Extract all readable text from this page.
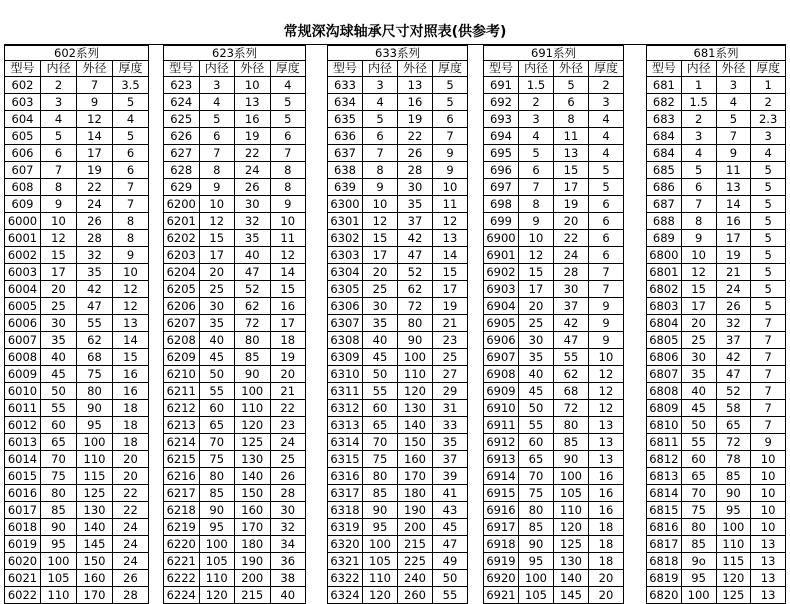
常规深沟球轴承尺寸对照表(供参考)
602系列			
型号	内径	外径	厚度
602	2	7	3.5
603	3	9	5
604	4	12	4
605	5	14	5
606	6	17	6
607	7	19	6
608	8	22	7
609	9	24	7
6000	10	26	8
6001	12	28	8
6002	15	32	9
6003	17	35	10
6004	20	42	12
6005	25	47	12
6006	30	55	13
6007	35	62	14
6008	40	68	15
6009	45	75	16
6010	50	80	16
6011	55	90	18
6012	60	95	18
6013	65	100	18
6014	70	110	20
6015	75	115	20
6016	80	125	22
6017	85	130	22
6018	90	140	24
6019	95	145	24
6020	100	150	24
6021	105	160	26
6022	110	170	28
623系列			
型号	内径	外径	厚度
623	3	10	4
624	4	13	5
625	5	16	5
626	6	19	6
627	7	22	7
628	8	24	8
629	9	26	8
6200	10	30	9
6201	12	32	10
6202	15	35	11
6203	17	40	12
6204	20	47	14
6205	25	52	15
6206	30	62	16
6207	35	72	17
6208	40	80	18
6209	45	85	19
6210	50	90	20
6211	55	100	21
6212	60	110	22
6213	65	120	23
6214	70	125	24
6215	75	130	25
6216	80	140	26
6217	85	150	28
6218	90	160	30
6219	95	170	32
6220	100	180	34
6221	105	190	36
6222	110	200	38
6224	120	215	40
633系列			
型号	内径	外径	厚度
633	3	13	5
634	4	16	5
635	5	19	6
636	6	22	7
637	7	26	9
638	8	28	9
639	9	30	10
6300	10	35	11
6301	12	37	12
6302	15	42	13
6303	17	47	14
6304	20	52	15
6305	25	62	17
6306	30	72	19
6307	35	80	21
6308	40	90	23
6309	45	100	25
6310	50	110	27
6311	55	120	29
6312	60	130	31
6313	65	140	33
6314	70	150	35
6315	75	160	37
6316	80	170	39
6317	85	180	41
6318	90	190	43
6319	95	200	45
6320	100	215	47
6321	105	225	49
6322	110	240	50
6324	120	260	55
691系列			
型号	内径	外径	厚度
691	1.5	5	2
692	2	6	3
693	3	8	4
694	4	11	4
695	5	13	4
696	6	15	5
697	7	17	5
698	8	19	6
699	9	20	6
6900	10	22	6
6901	12	24	6
6902	15	28	7
6903	17	30	7
6904	20	37	9
6905	25	42	9
6906	30	47	9
6907	35	55	10
6908	40	62	12
6909	45	68	12
6910	50	72	12
6911	55	80	13
6912	60	85	13
6913	65	90	13
6914	70	100	16
6915	75	105	16
6916	80	110	16
6917	85	120	18
6918	90	125	18
6919	95	130	18
6920	100	140	20
6921	105	145	20
681系列			
型号	内径	外径	厚度
681	1	3	1
682	1.5	4	2
683	2	5	2.3
684	3	7	3
684	4	9	4
685	5	11	5
686	6	13	5
687	7	14	5
688	8	16	5
689	9	17	5
6800	10	19	5
6801	12	21	5
6802	15	24	5
6803	17	26	5
6804	20	32	7
6805	25	37	7
6806	30	42	7
6807	35	47	7
6808	40	52	7
6809	45	58	7
6810	50	65	7
6811	55	72	9
6812	60	78	10
6813	65	85	10
6814	70	90	10
6815	75	95	10
6816	80	100	10
6817	85	110	13
6818	9o	115	13
6819	95	120	13
6820	100	125	13
